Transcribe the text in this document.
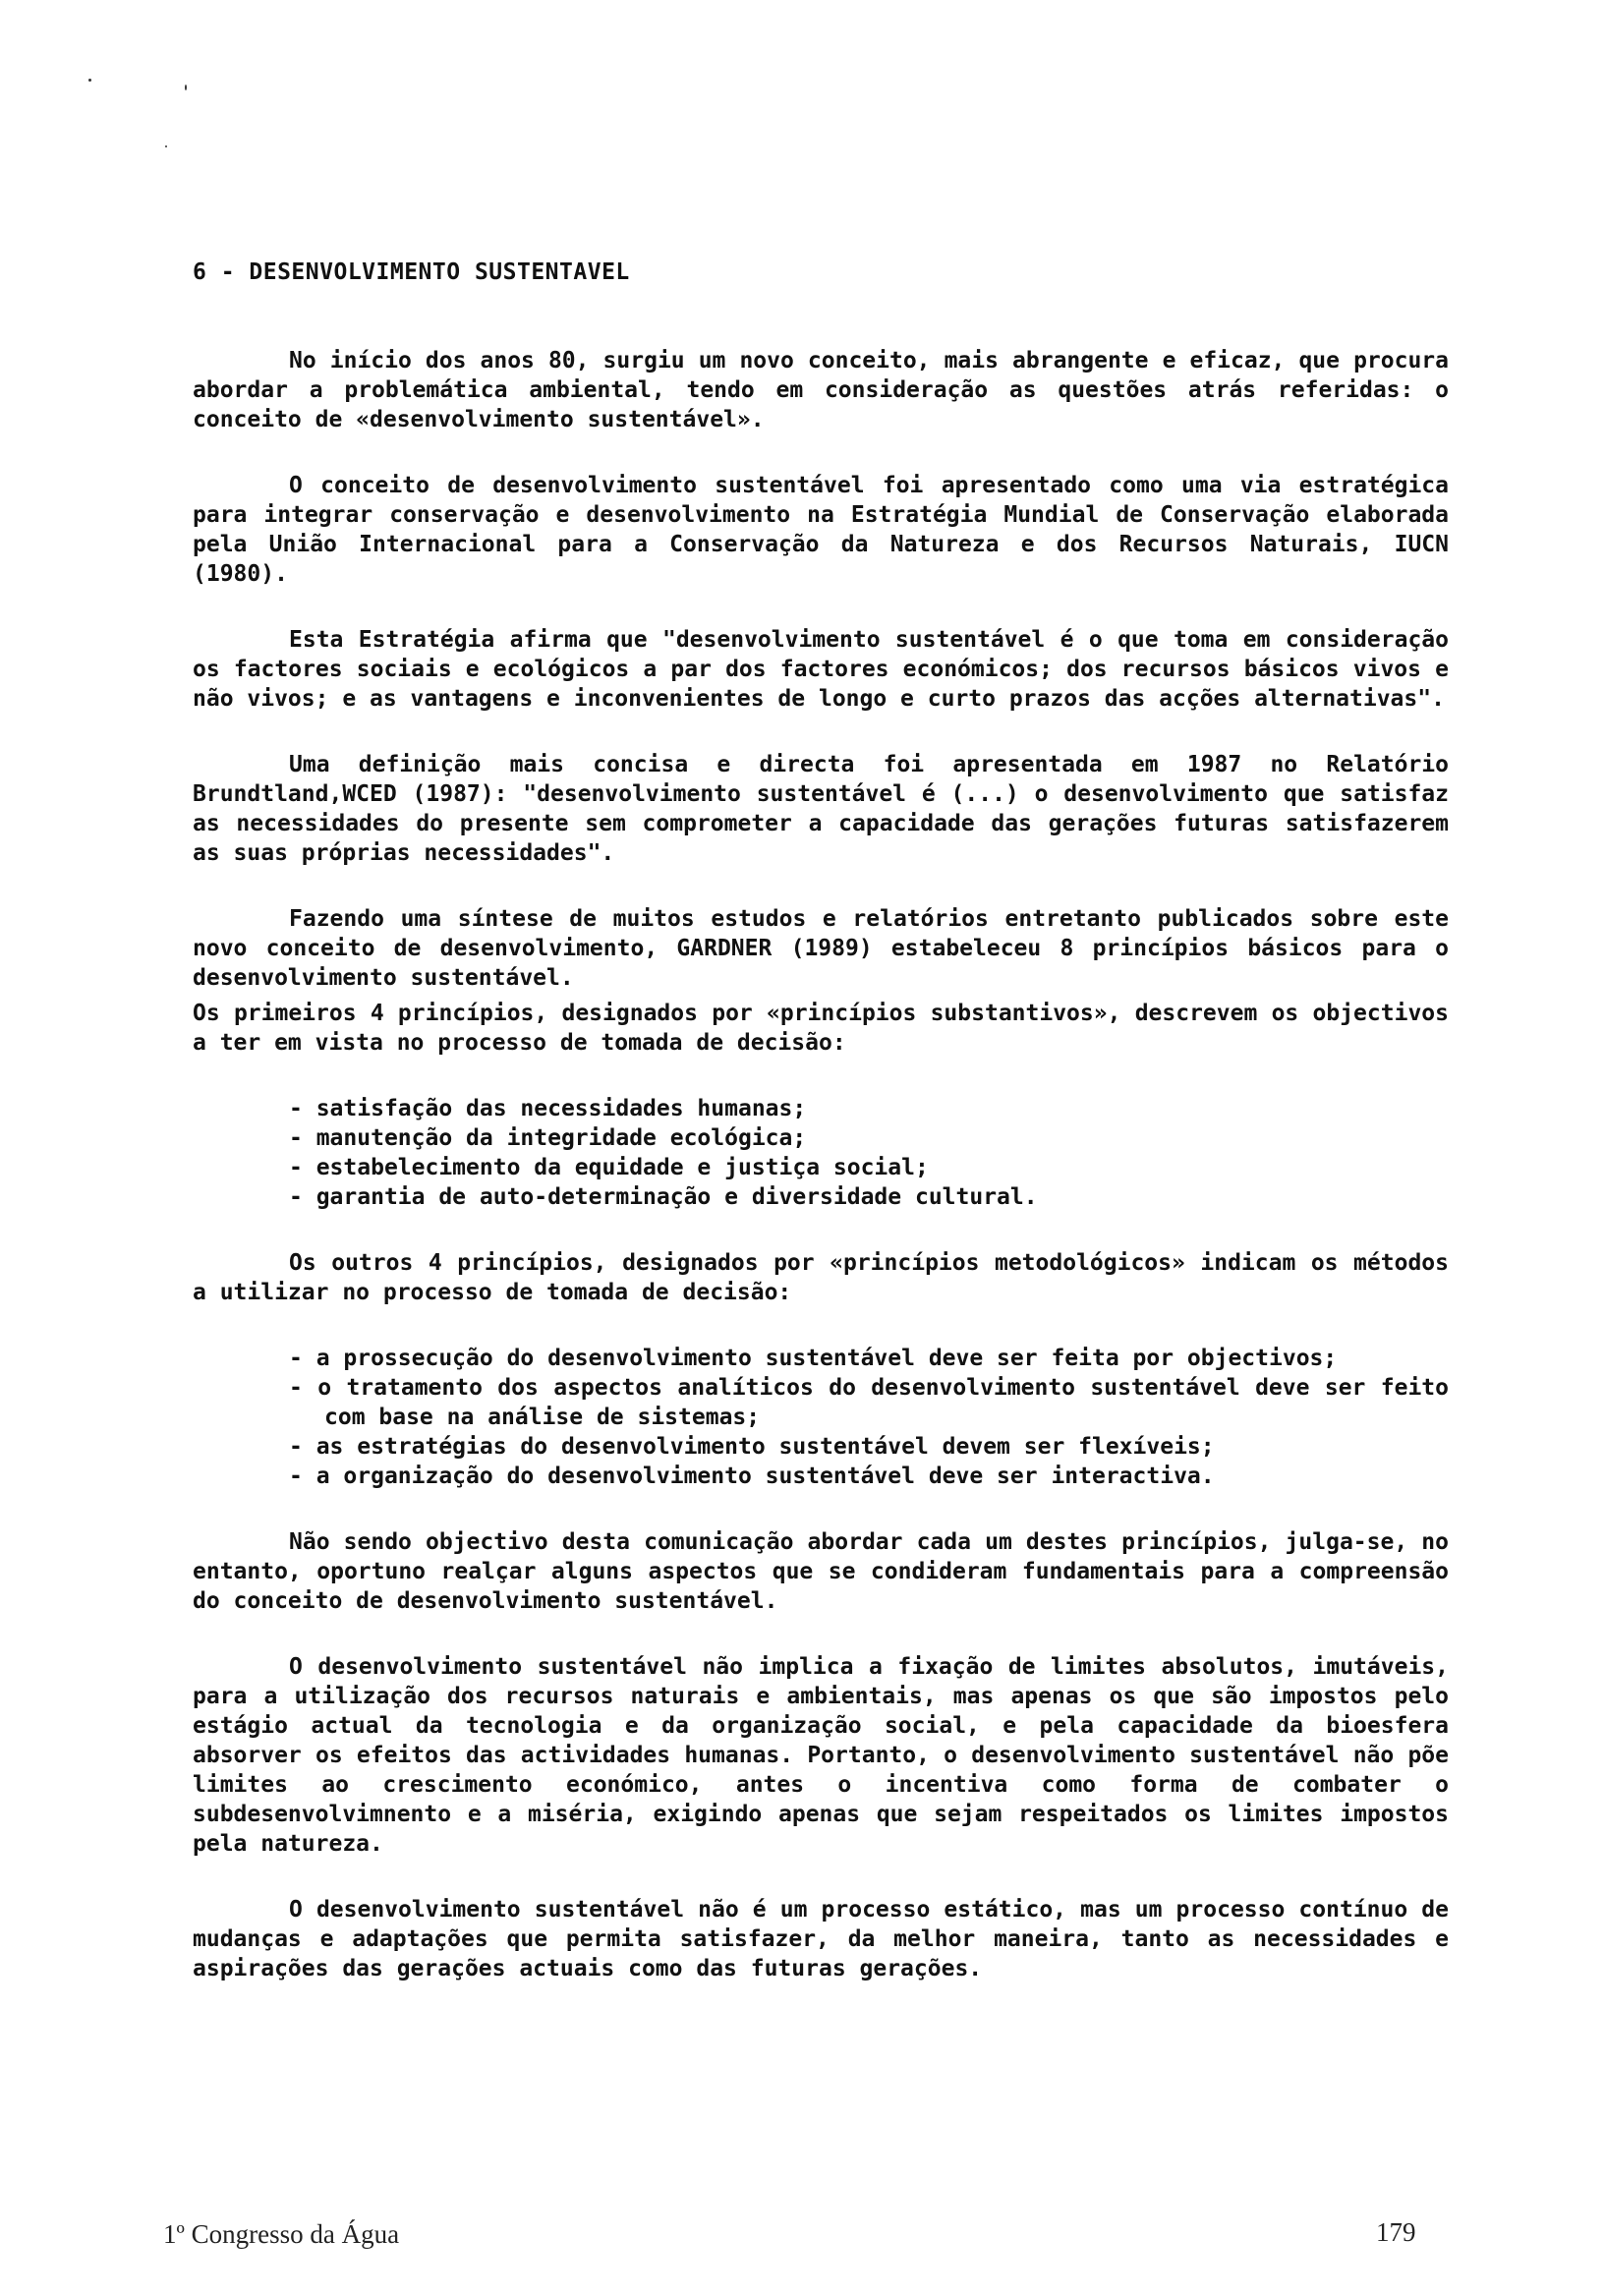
6 - DESENVOLVIMENTO SUSTENTAVEL

No início dos anos 80, surgiu um novo conceito, mais abrangente e eficaz, que procura abordar a problemática ambiental, tendo em consideração as questões atrás referidas: o conceito de «desenvolvimento sustentável».

O conceito de desenvolvimento sustentável foi apresentado como uma via estratégica para integrar conservação e desenvolvimento na Estratégia Mundial de Conservação elaborada pela União Internacional para a Conservação da Natureza e dos Recursos Naturais, IUCN (1980).

Esta Estratégia afirma que "desenvolvimento sustentável é o que toma em consideração os factores sociais e ecológicos a par dos factores económicos; dos recursos básicos vivos e não vivos; e as vantagens e inconvenientes de longo e curto prazos das acções alternativas".

Uma definição mais concisa e directa foi apresentada em 1987 no Relatório Brundtland,WCED (1987): "desenvolvimento sustentável é (...) o desenvolvimento que satisfaz as necessidades do presente sem comprometer a capacidade das gerações futuras satisfazerem as suas próprias necessidades".

Fazendo uma síntese de muitos estudos e relatórios entretanto publicados sobre este novo conceito de desenvolvimento, GARDNER (1989) estabeleceu 8 princípios básicos para o desenvolvimento sustentável.

Os primeiros 4 princípios, designados por «princípios substantivos», descrevem os objectivos a ter em vista no processo de tomada de decisão:

- satisfação das necessidades humanas;
- manutenção da integridade ecológica;
- estabelecimento da equidade e justiça social;
- garantia de auto-determinação e diversidade cultural.

Os outros 4 princípios, designados por «princípios metodológicos» indicam os métodos a utilizar no processo de tomada de decisão:

- a prossecução do desenvolvimento sustentável deve ser feita por objectivos;
- o tratamento dos aspectos analíticos do desenvolvimento sustentável deve ser feito com base na análise de sistemas;
- as estratégias do desenvolvimento sustentável devem ser flexíveis;
- a organização do desenvolvimento sustentável deve ser interactiva.

Não sendo objectivo desta comunicação abordar cada um destes princípios, julga-se, no entanto, oportuno realçar alguns aspectos que se condideram fundamentais para a compreensão do conceito de desenvolvimento sustentável.

O desenvolvimento sustentável não implica a fixação de limites absolutos, imutáveis, para a utilização dos recursos naturais e ambientais, mas apenas os que são impostos pelo estágio actual da tecnologia e da organização social, e pela capacidade da bioesfera absorver os efeitos das actividades humanas. Portanto, o desenvolvimento sustentável não põe limites ao crescimento económico, antes o incentiva como forma de combater o subdesenvolvimnento e a miséria, exigindo apenas que sejam respeitados os limites impostos pela natureza.

O desenvolvimento sustentável não é um processo estático, mas um processo contínuo de mudanças e adaptações que permita satisfazer, da melhor maneira, tanto as necessidades e aspirações das gerações actuais como das futuras gerações.

1º Congresso da Água	179
